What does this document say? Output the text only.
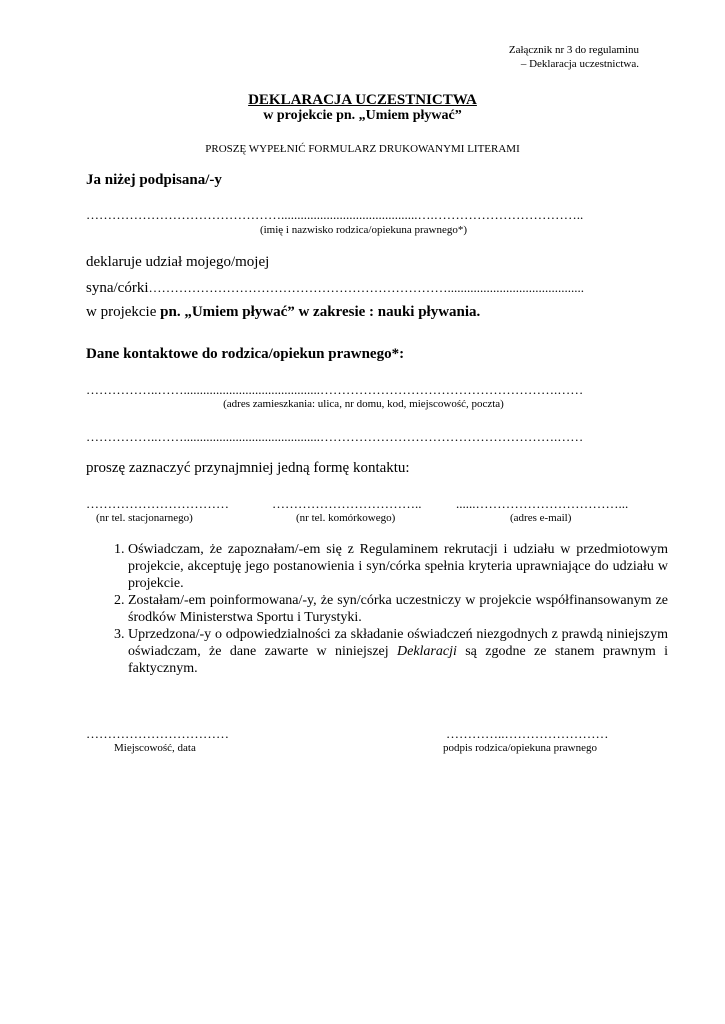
Załącznik nr 3 do regulaminu
– Deklaracja uczestnictwa.
DEKLARACJA UCZESTNICTWA
w projekcie pn. „Umiem pływać”
PROSZĘ WYPEŁNIĆ FORMULARZ DRUKOWANYMI LITERAMI
Ja niżej podpisana/-y
………………………………………..........................................….……………………………..
(imię i nazwisko rodzica/opiekuna prawnego*)
deklaruje udział mojego/mojej
syna/córki……………………………………………………………..........................................
w projekcie pn. „Umiem pływać” w zakresie : nauki pływania.
Dane kontaktowe do rodzica/opiekun prawnego*:
……………..……..........................................……………………………………………….……
(adres zamieszkania: ulica, nr domu, kod, miejscowość, poczta)
……………..……..........................................……………………………………………….……
proszę zaznaczyć przynajmniej jedną formę kontaktu:
……………………………	……………………………..	......……………………………...
(nr tel. stacjonarnego)	(nr tel. komórkowego)	(adres e-mail)
1. Oświadczam, że zapoznałam/-em się z Regulaminem rekrutacji i udziału w przedmiotowym projekcie, akceptuję jego postanowienia i syn/córka spełnia kryteria uprawniające do udziału w projekcie.
2. Zostałam/-em poinformowana/-y, że syn/córka uczestniczy w projekcie współfinansowanym ze środków Ministerstwa Sportu i Turystyki.
3. Uprzedzona/-y o odpowiedzialności za składanie oświadczeń niezgodnych z prawdą niniejszym oświadczam, że dane zawarte w niniejszej Deklaracji są zgodne ze stanem prawnym i faktycznym.
……………………………
Miejscowość, data
…………..……………………
podpis rodzica/opiekuna prawnego
